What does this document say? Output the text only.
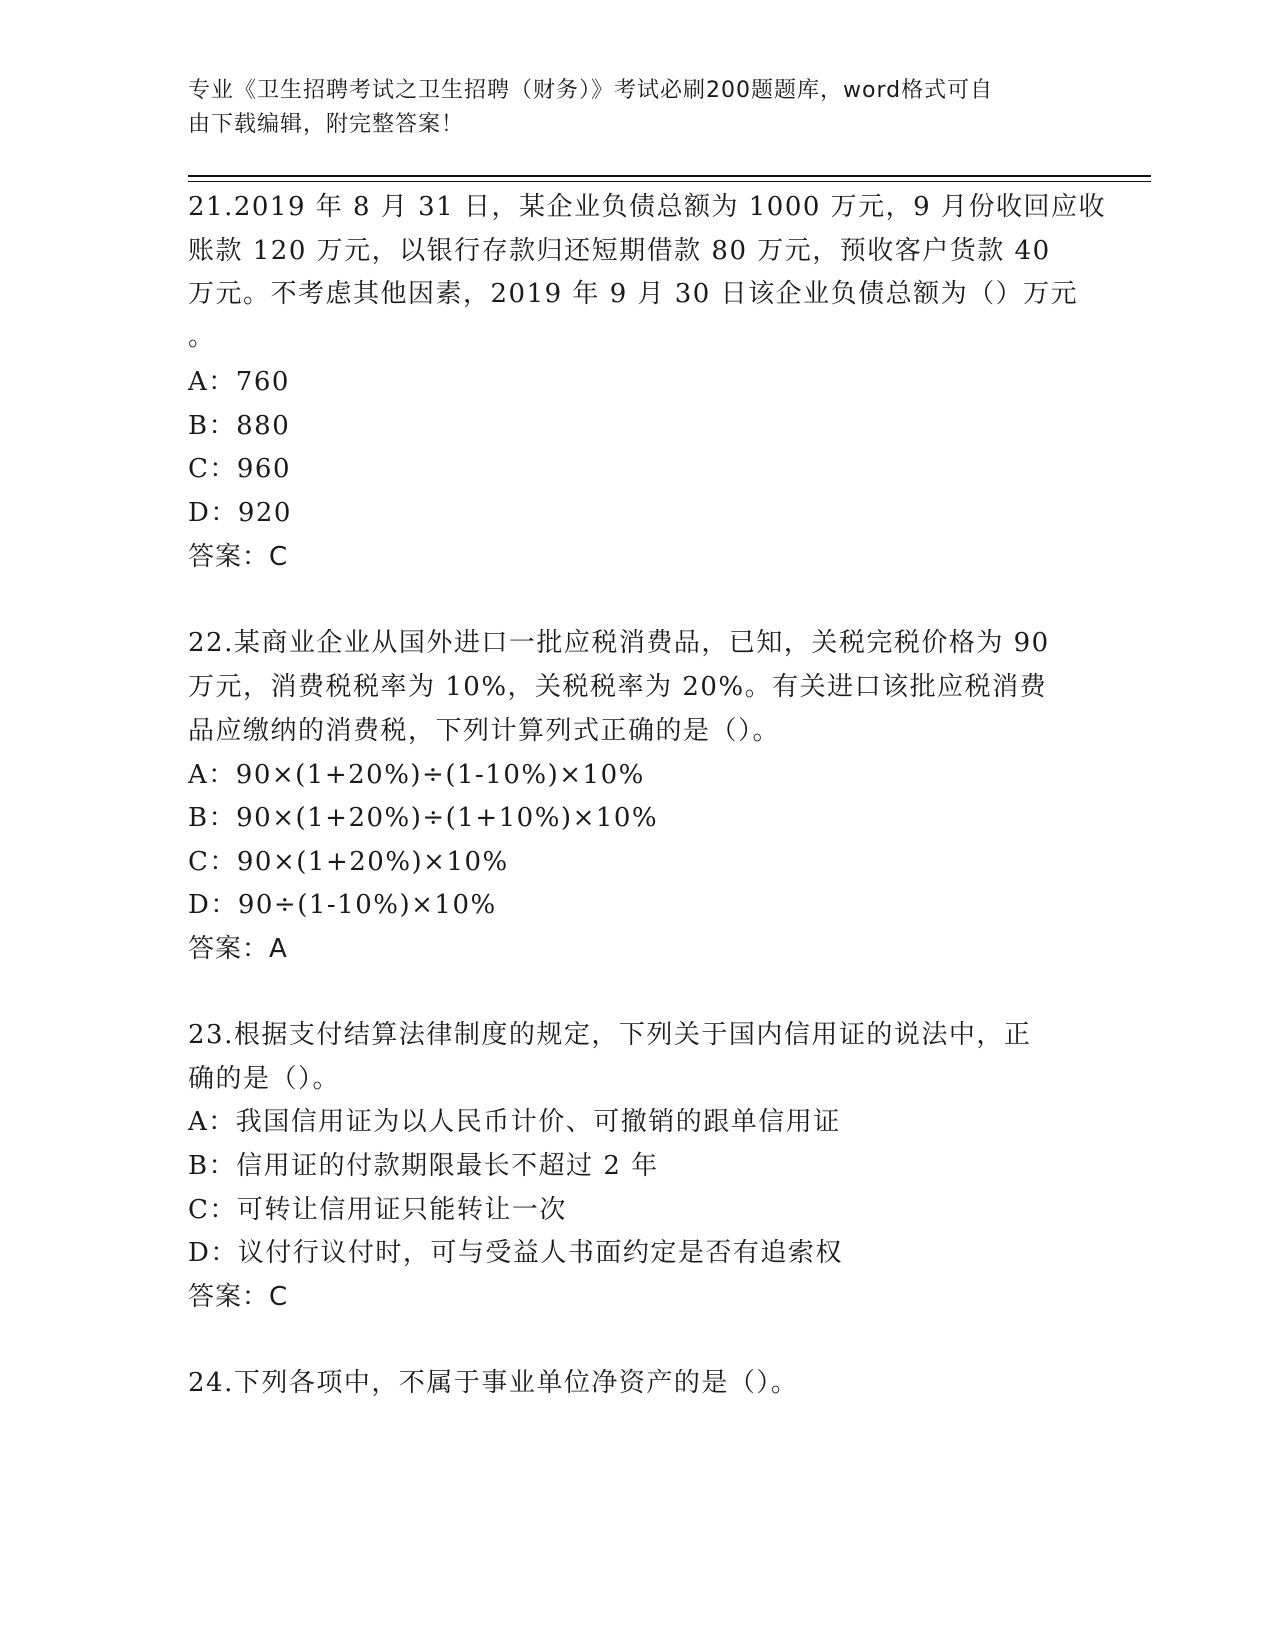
专业《卫生招聘考试之卫生招聘（财务）》考试必刷200题题库，word格式可自
由下载编辑，附完整答案！
21.2019 年 8 月 31 日，某企业负债总额为 1000 万元，9 月份收回应收
账款 120 万元，以银行存款归还短期借款 80 万元，预收客户货款 40
万元。不考虑其他因素，2019 年 9 月 30 日该企业负债总额为（）万元
。
A：760
B：880
C：960
D：920
答案：C
22.某商业企业从国外进口一批应税消费品，已知，关税完税价格为 90
万元，消费税税率为 10%，关税税率为 20%。有关进口该批应税消费
品应缴纳的消费税，下列计算列式正确的是（）。
A：90×(1+20%)÷(1-10%)×10%
B：90×(1+20%)÷(1+10%)×10%
C：90×(1+20%)×10%
D：90÷(1-10%)×10%
答案：A
23.根据支付结算法律制度的规定，下列关于国内信用证的说法中，正
确的是（）。
A：我国信用证为以人民币计价、可撤销的跟单信用证
B：信用证的付款期限最长不超过 2 年
C：可转让信用证只能转让一次
D：议付行议付时，可与受益人书面约定是否有追索权
答案：C
24.下列各项中，不属于事业单位净资产的是（）。
